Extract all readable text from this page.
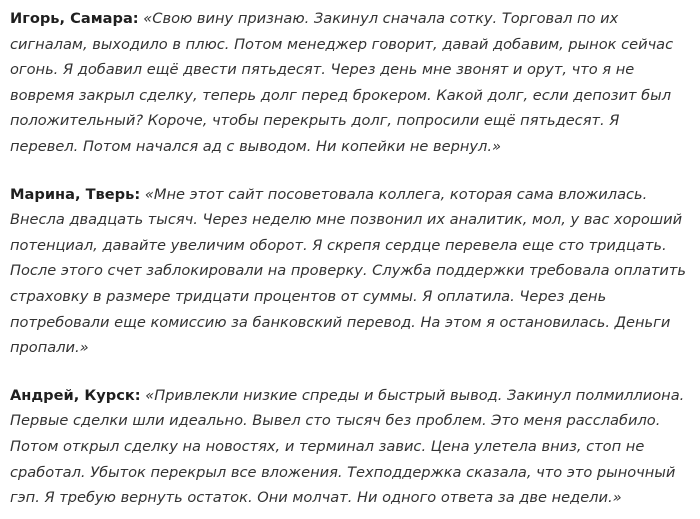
Игорь, Самара: «Свою вину признаю. Закинул сначала сотку. Торговал по их сигналам, выходило в плюс. Потом менеджер говорит, давай добавим, рынок сейчас огонь. Я добавил ещё двести пятьдесят. Через день мне звонят и орут, что я не вовремя закрыл сделку, теперь долг перед брокером. Какой долг, если депозит был положительный? Короче, чтобы перекрыть долг, попросили ещё пятьдесят. Я перевел. Потом начался ад с выводом. Ни копейки не вернул.»

Марина, Тверь: «Мне этот сайт посоветовала коллега, которая сама вложилась. Внесла двадцать тысяч. Через неделю мне позвонил их аналитик, мол, у вас хороший потенциал, давайте увеличим оборот. Я скрепя сердце перевела еще сто тридцать. После этого счет заблокировали на проверку. Служба поддержки требовала оплатить страховку в размере тридцати процентов от суммы. Я оплатила. Через день потребовали еще комиссию за банковский перевод. На этом я остановилась. Деньги пропали.»

Андрей, Курск: «Привлекли низкие спреды и быстрый вывод. Закинул полмиллиона. Первые сделки шли идеально. Вывел сто тысяч без проблем. Это меня расслабило. Потом открыл сделку на новостях, и терминал завис. Цена улетела вниз, стоп не сработал. Убыток перекрыл все вложения. Техподдержка сказала, что это рыночный гэп. Я требую вернуть остаток. Они молчат. Ни одного ответа за две недели.»
